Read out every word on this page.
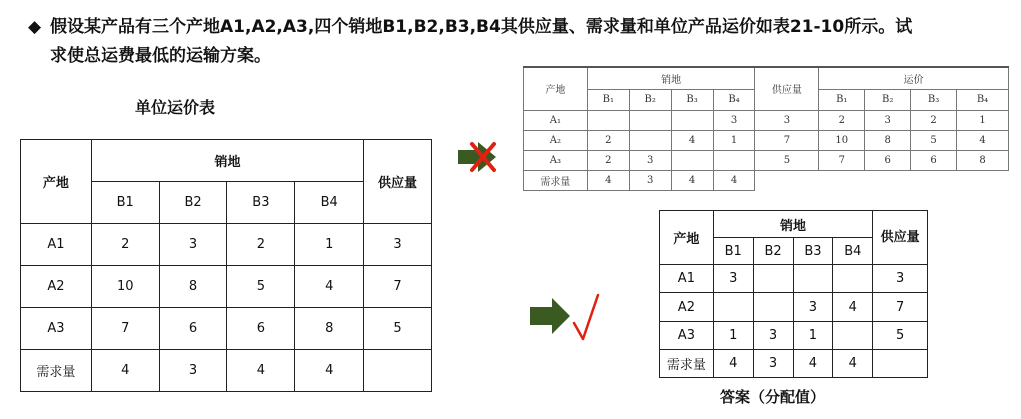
◆ 假设某产品有三个产地A1,A2,A3,四个销地B1,B2,B3,B4其供应量、需求量和单位产品运价如表21-10所示。试
求使总运费最低的运输方案。
单位运价表
产地	销地				供应量
	B1	B2	B3	B4	
A1	2	3	2	1	3
A2	10	8	5	4	7
A3	7	6	6	8	5
需求量	4	3	4	4	
产地	销地				供应量	运价			
	B₁	B₂	B₃	B₄		B₁	B₂	B₃	B₄
A₁				3	3	2	3	2	1
A₂	2		4	1	7	10	8	5	4
A₃	2	3			5	7	6	6	8
需求量	4	3	4	4					
产地	销地				供应量
	B1	B2	B3	B4	
A1	3				3
A2			3	4	7
A3	1	3	1		5
需求量	4	3	4	4	
答案（分配值）
